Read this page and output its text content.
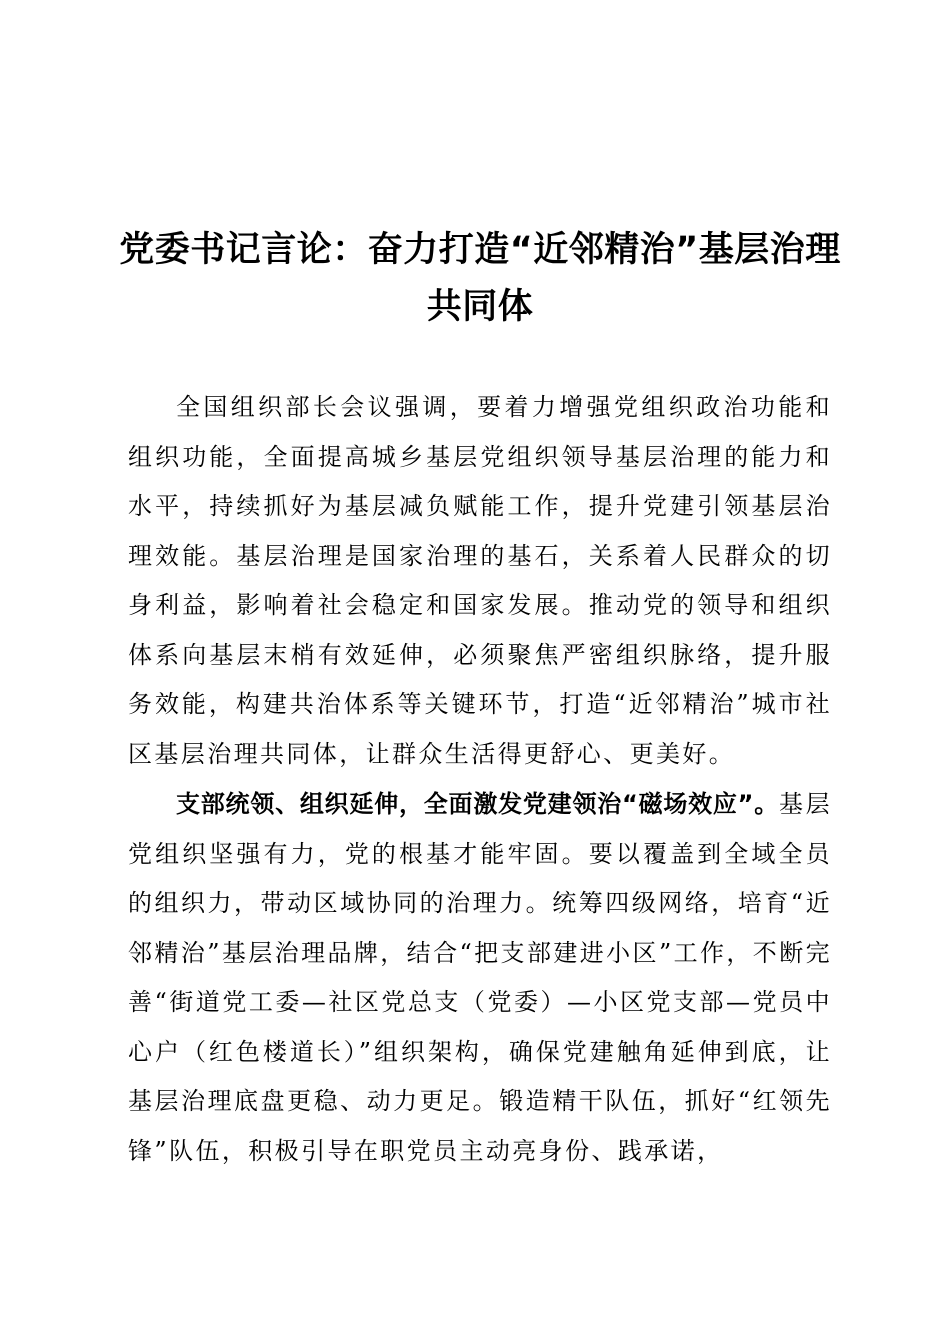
党委书记言论：奋力打造“近邻精治”基层治理共同体

全国组织部长会议强调，要着力增强党组织政治功能和组织功能，全面提高城乡基层党组织领导基层治理的能力和水平，持续抓好为基层减负赋能工作，提升党建引领基层治理效能。基层治理是国家治理的基石，关系着人民群众的切身利益，影响着社会稳定和国家发展。推动党的领导和组织体系向基层末梢有效延伸，必须聚焦严密组织脉络，提升服务效能，构建共治体系等关键环节，打造“近邻精治”城市社区基层治理共同体，让群众生活得更舒心、更美好。

支部统领、组织延伸，全面激发党建领治“磁场效应”。基层党组织坚强有力，党的根基才能牢固。要以覆盖到全域全员的组织力，带动区域协同的治理力。统筹四级网络，培育“近邻精治”基层治理品牌，结合“把支部建进小区”工作，不断完善“街道党工委—社区党总支（党委）—小区党支部—党员中心户（红色楼道长）”组织架构，确保党建触角延伸到底，让基层治理底盘更稳、动力更足。锻造精干队伍，抓好“红领先锋”队伍，积极引导在职党员主动亮身份、践承诺，
